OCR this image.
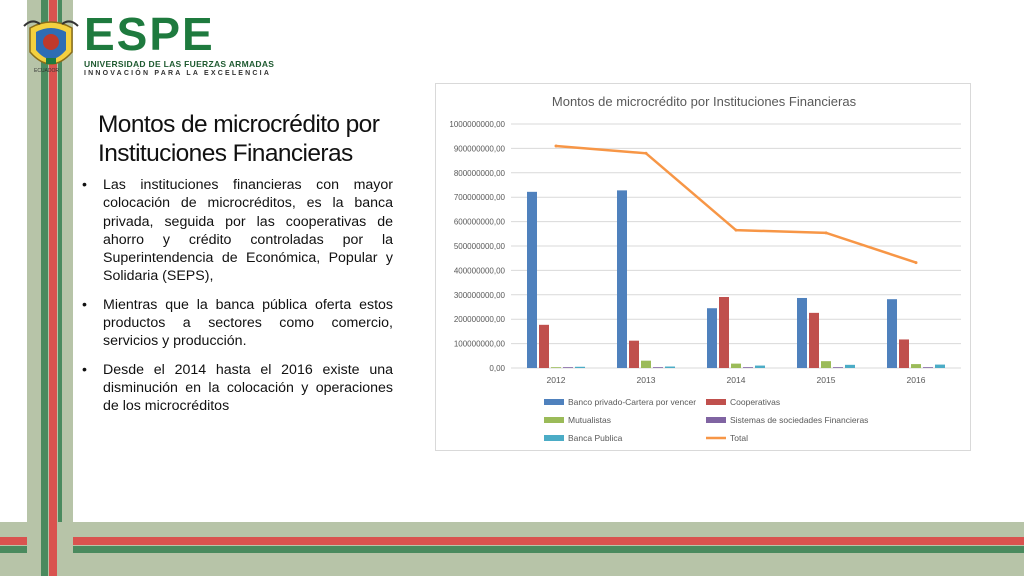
ECUADOR
ESPE
UNIVERSIDAD DE LAS FUERZAS ARMADAS
INNOVACIÓN PARA LA EXCELENCIA
Montos de microcrédito por Instituciones Financieras
• Las instituciones financieras con mayor colocación de microcréditos, es la banca privada, seguida por las cooperativas de ahorro y crédito controladas por la Superintendencia de Económica, Popular y Solidaria (SEPS),
• Mientras que la banca pública oferta estos productos a sectores como comercio, servicios y producción.
• Desde el 2014 hasta el 2016 existe una disminución en la colocación y operaciones de los microcréditos
Montos de microcrédito por Instituciones Financieras
0,00
100000000,00
200000000,00
300000000,00
400000000,00
500000000,00
600000000,00
700000000,00
800000000,00
900000000,00
1000000000,00
2012	2013	2014	2015	2016
Banco privado-Cartera por vencer	Cooperativas
Mutualistas	Sistemas de sociedades Financieras
Banca Publica	Total
